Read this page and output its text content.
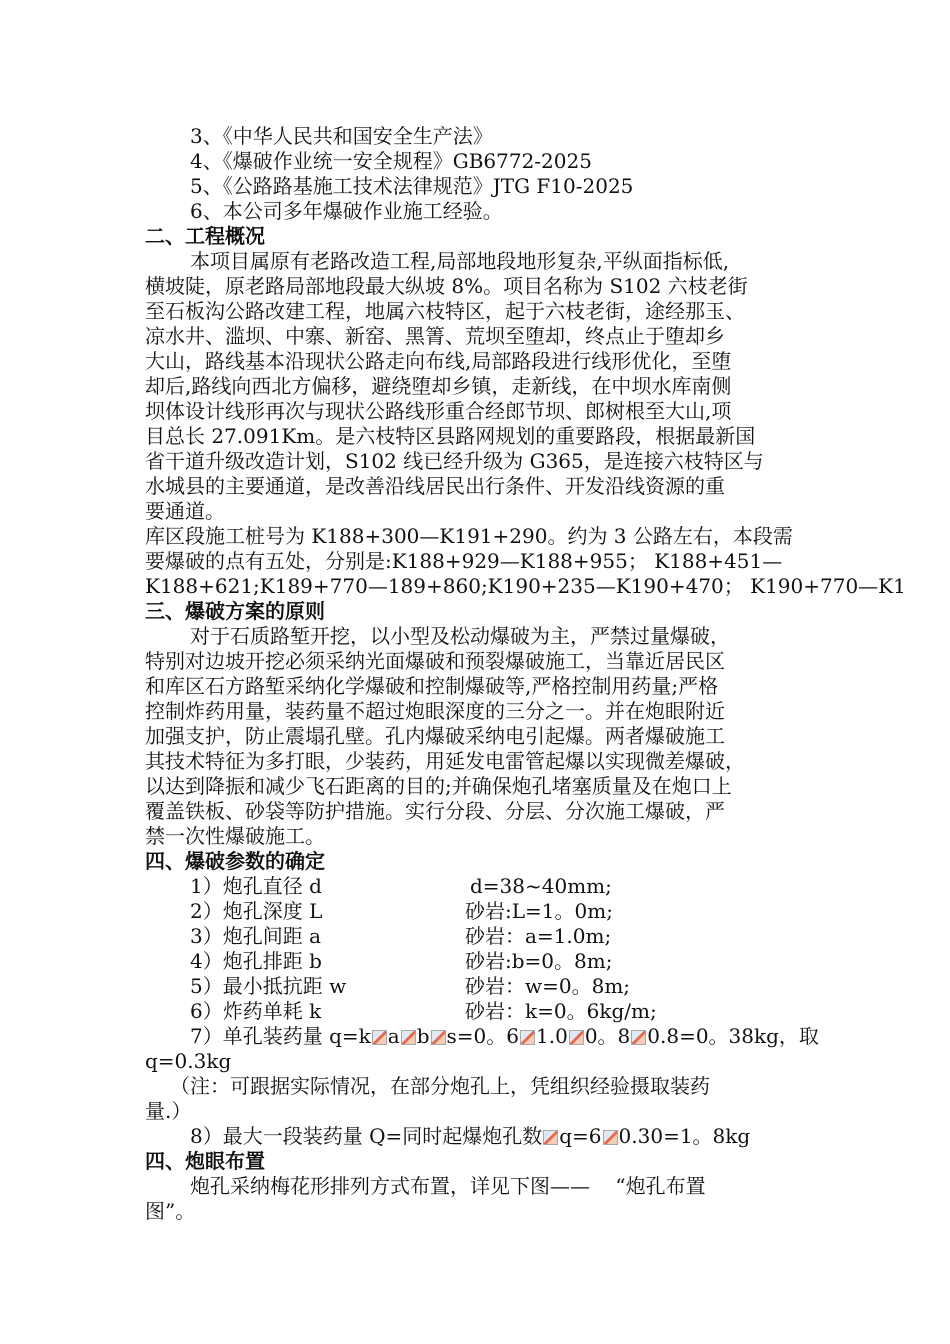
3、《中华人民共和国安全生产法》
4、《爆破作业统一安全规程》GB6772-2025
5、《公路路基施工技术法律规范》JTG F10-2025
6、本公司多年爆破作业施工经验。
二、工程概况
本项目属原有老路改造工程,局部地段地形复杂,平纵面指标低,
横坡陡，原老路局部地段最大纵坡 8%。项目名称为 S102 六枝老街
至石板沟公路改建工程，地属六枝特区，起于六枝老街，途经那玉、
凉水井、滥坝、中寨、新窑、黑箐、荒坝至堕却，终点止于堕却乡
大山，路线基本沿现状公路走向布线,局部路段进行线形优化，至堕
却后,路线向西北方偏移，避绕堕却乡镇，走新线，在中坝水库南侧
坝体设计线形再次与现状公路线形重合经郎节坝、郎树根至大山,项
目总长 27.091Km。是六枝特区县路网规划的重要路段，根据最新国
省干道升级改造计划，S102 线已经升级为 G365，是连接六枝特区与
水城县的主要通道，是改善沿线居民出行条件、开发沿线资源的重
要通道。
库区段施工桩号为 K188+300—K191+290。约为 3 公路左右，本段需
要爆破的点有五处，分别是:K188+929—K188+955； K188+451—
K188+621;K189+770—189+860;K190+235—K190+470； K190+770—K1
三、爆破方案的原则
对于石质路堑开挖，以小型及松动爆破为主，严禁过量爆破，
特别对边坡开挖必须采纳光面爆破和预裂爆破施工，当靠近居民区
和库区石方路堑采纳化学爆破和控制爆破等,严格控制用药量;严格
控制炸药用量，装药量不超过炮眼深度的三分之一。并在炮眼附近
加强支护，防止震塌孔壁。孔内爆破采纳电引起爆。两者爆破施工
其技术特征为多打眼，少装药，用延发电雷管起爆以实现微差爆破，
以达到降振和减少飞石距离的目的;并确保炮孔堵塞质量及在炮口上
覆盖铁板、砂袋等防护措施。实行分段、分层、分次施工爆破，严
禁一次性爆破施工。
四、爆破参数的确定
1）炮孔直径 d	d=38~40mm;
2）炮孔深度 L	砂岩:L=1。0m;
3）炮孔间距 a	砂岩：a=1.0m;
4）炮孔排距 b	砂岩:b=0。8m;
5）最小抵抗距 w	砂岩：w=0。8m;
6）炸药单耗 k	砂岩：k=0。6kg/m;
7）单孔装药量 q=k a b s=0。6 1.0 0。8 0.8=0。38kg，取
q=0.3kg
（注：可跟据实际情况，在部分炮孔上，凭组织经验摄取装药
量.）
8）最大一段装药量 Q=同时起爆炮孔数 q=6 0.30=1。8kg
四、炮眼布置
炮孔采纳梅花形排列方式布置，详见下图——    “炮孔布置
图”。
